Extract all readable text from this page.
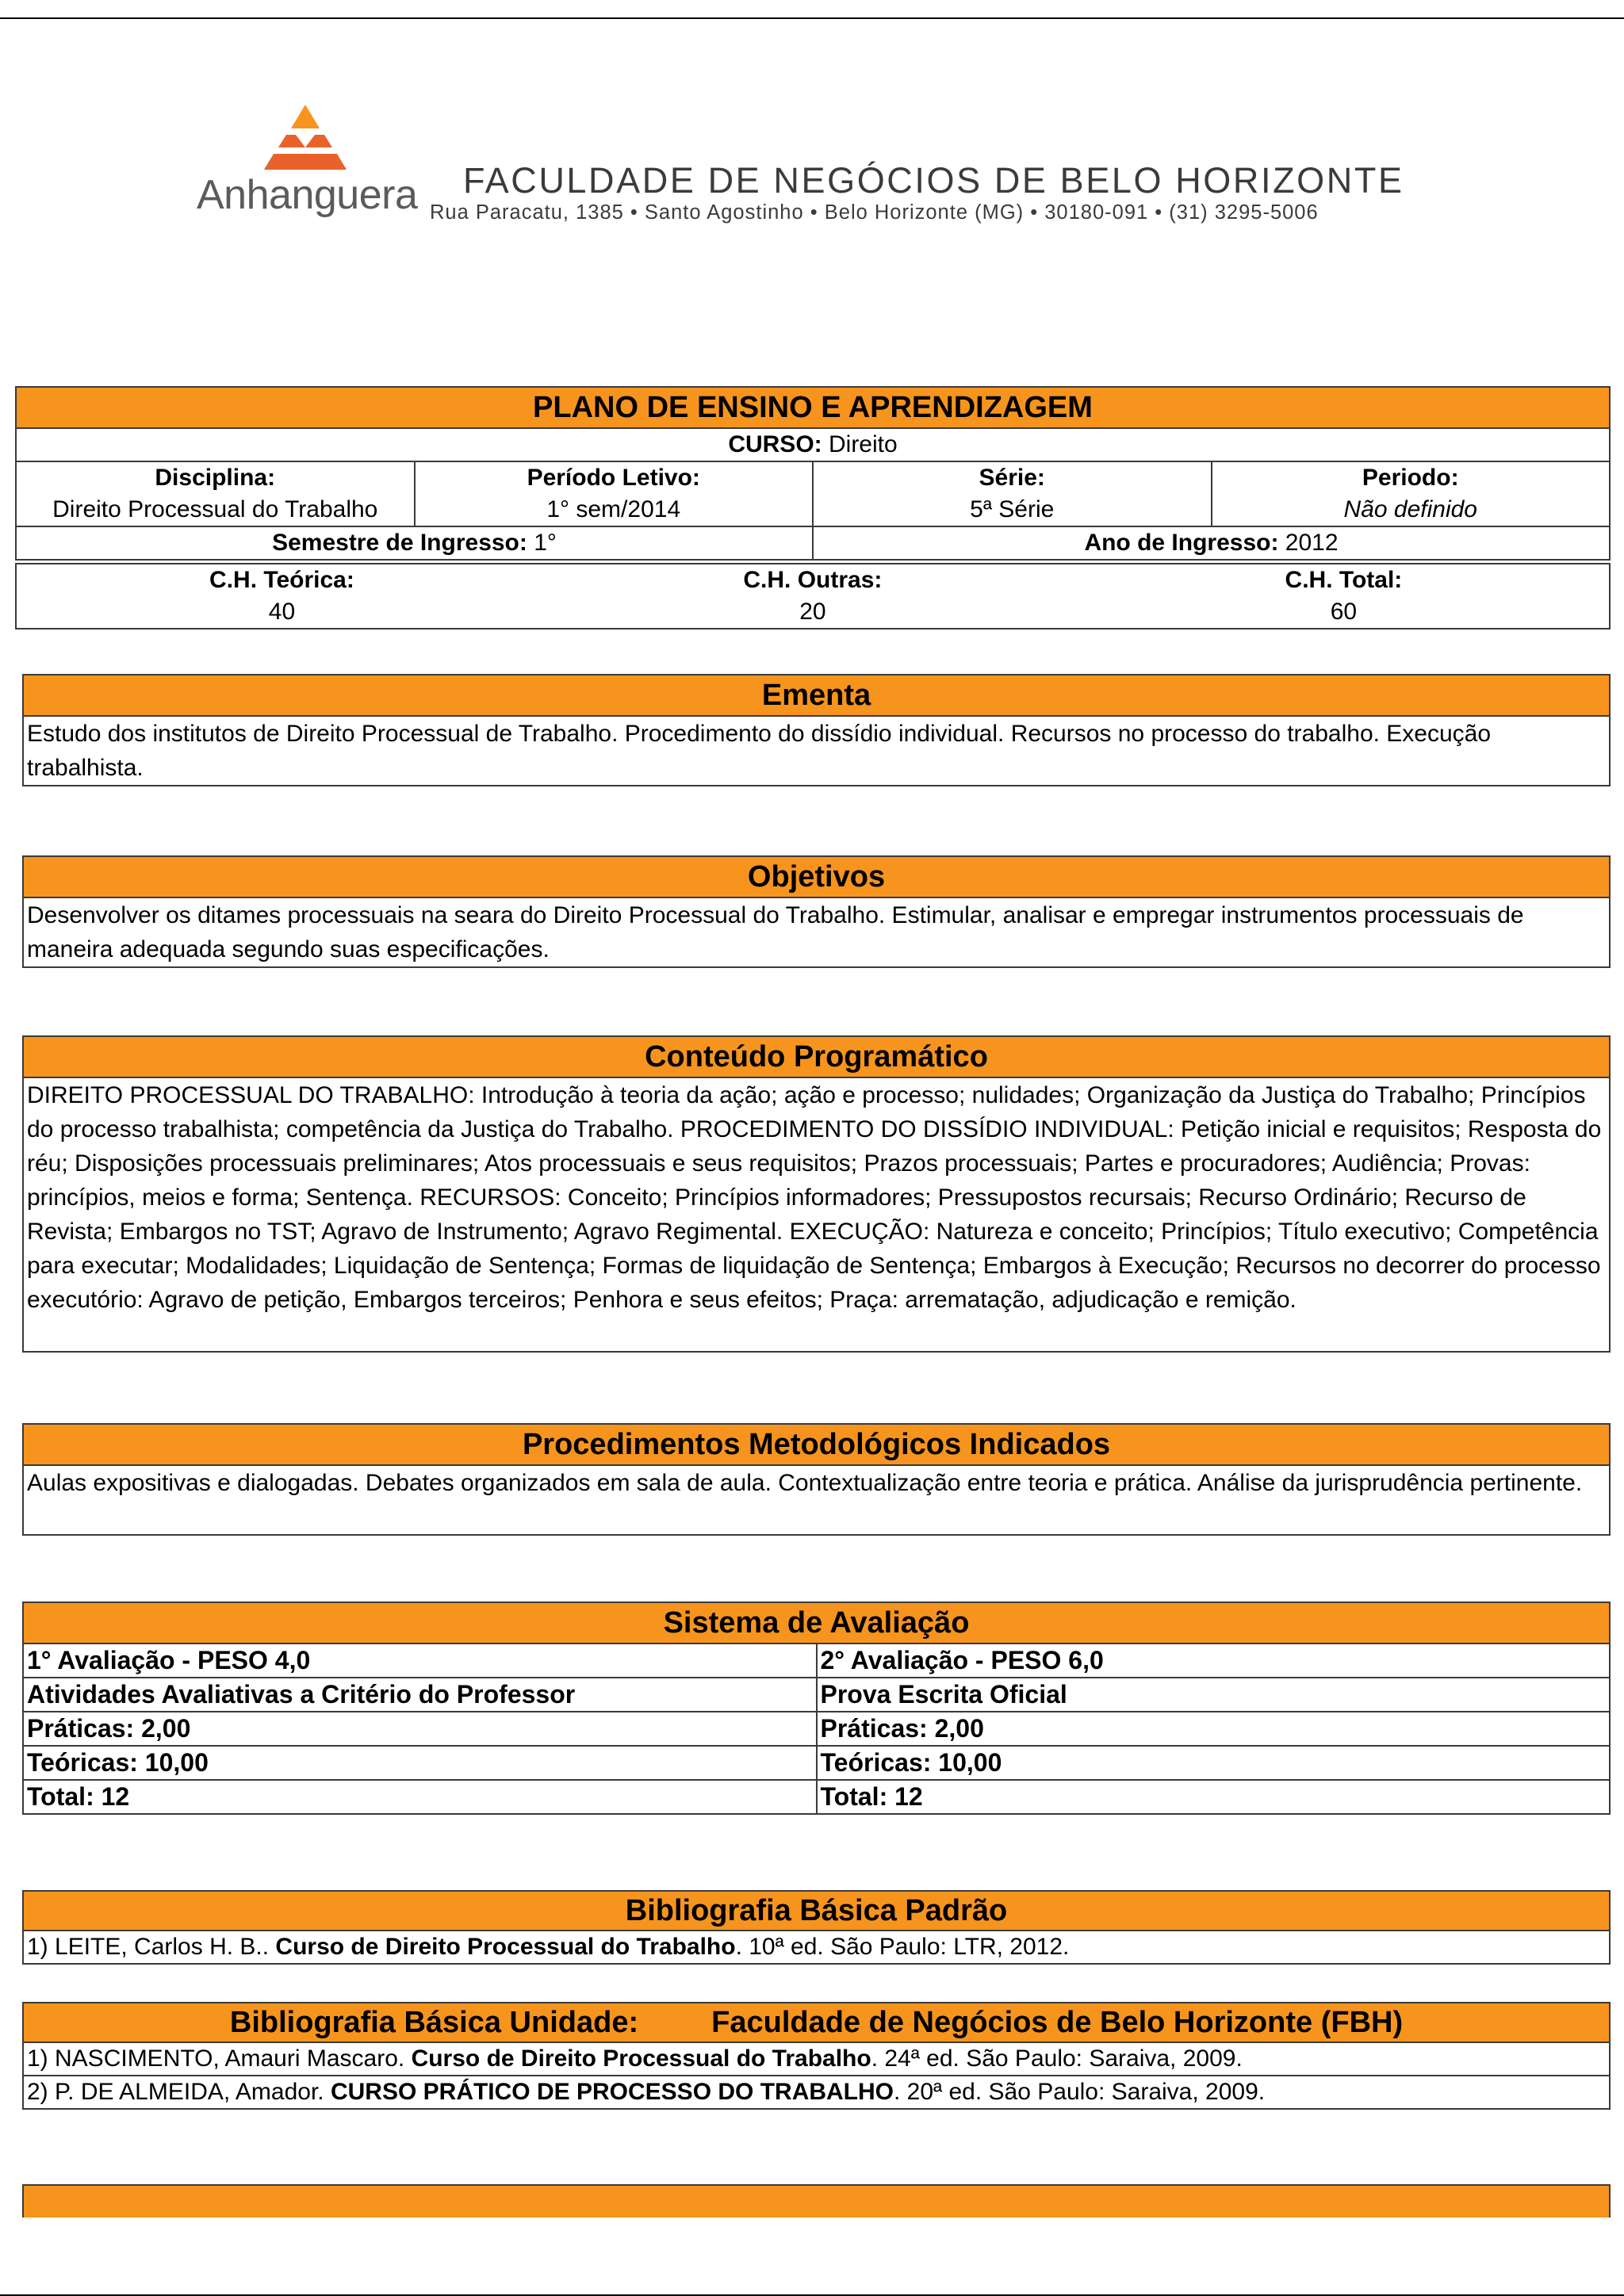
Anhanguera FACULDADE DE NEGÓCIOS DE BELO HORIZONTE
Rua Paracatu, 1385 • Santo Agostinho • Belo Horizonte (MG) • 30180-091 • (31) 3295-5006
PLANO DE ENSINO E APRENDIZAGEM			
CURSO: Direito			
Disciplina:	Período Letivo:	Série:	Periodo:
Direito Processual do Trabalho	1° sem/2014	5ª Série	Não definido
Semestre de Ingresso: 1°		Ano de Ingresso: 2012	
C.H. Teórica:	C.H. Outras:	C.H. Total:
40	20	60
Ementa
Estudo dos institutos de Direito Processual de Trabalho. Procedimento do dissídio individual. Recursos no processo do trabalho. Execução trabalhista.
Objetivos
Desenvolver os ditames processuais na seara do Direito Processual do Trabalho. Estimular, analisar e empregar instrumentos processuais de maneira adequada segundo suas especificações.
Conteúdo Programático
DIREITO PROCESSUAL DO TRABALHO: Introdução à teoria da ação; ação e processo; nulidades; Organização da Justiça do Trabalho; Princípios do processo trabalhista; competência da Justiça do Trabalho. PROCEDIMENTO DO DISSÍDIO INDIVIDUAL: Petição inicial e requisitos; Resposta do réu; Disposições processuais preliminares; Atos processuais e seus requisitos; Prazos processuais; Partes e procuradores; Audiência; Provas: princípios, meios e forma; Sentença. RECURSOS: Conceito; Princípios informadores; Pressupostos recursais; Recurso Ordinário; Recurso de Revista; Embargos no TST; Agravo de Instrumento; Agravo Regimental. EXECUÇÃO: Natureza e conceito; Princípios; Título executivo; Competência para executar; Modalidades; Liquidação de Sentença; Formas de liquidação de Sentença; Embargos à Execução; Recursos no decorrer do processo executório: Agravo de petição, Embargos terceiros; Penhora e seus efeitos; Praça: arrematação, adjudicação e remição.
Procedimentos Metodológicos Indicados
Aulas expositivas e dialogadas. Debates organizados em sala de aula. Contextualização entre teoria e prática. Análise da jurisprudência pertinente.
Sistema de Avaliação	
1° Avaliação - PESO 4,0	2° Avaliação - PESO 6,0
Atividades Avaliativas a Critério do Professor	Prova Escrita Oficial
Práticas: 2,00	Práticas: 2,00
Teóricas: 10,00	Teóricas: 10,00
Total: 12	Total: 12
Bibliografia Básica Padrão
1) LEITE, Carlos H. B.. Curso de Direito Processual do Trabalho. 10ª ed. São Paulo: LTR, 2012.
Bibliografia Básica Unidade: Faculdade de Negócios de Belo Horizonte (FBH)
1) NASCIMENTO, Amauri Mascaro. Curso de Direito Processual do Trabalho. 24ª ed. São Paulo: Saraiva, 2009.
2) P. DE ALMEIDA, Amador. CURSO PRÁTICO DE PROCESSO DO TRABALHO. 20ª ed. São Paulo: Saraiva, 2009.
